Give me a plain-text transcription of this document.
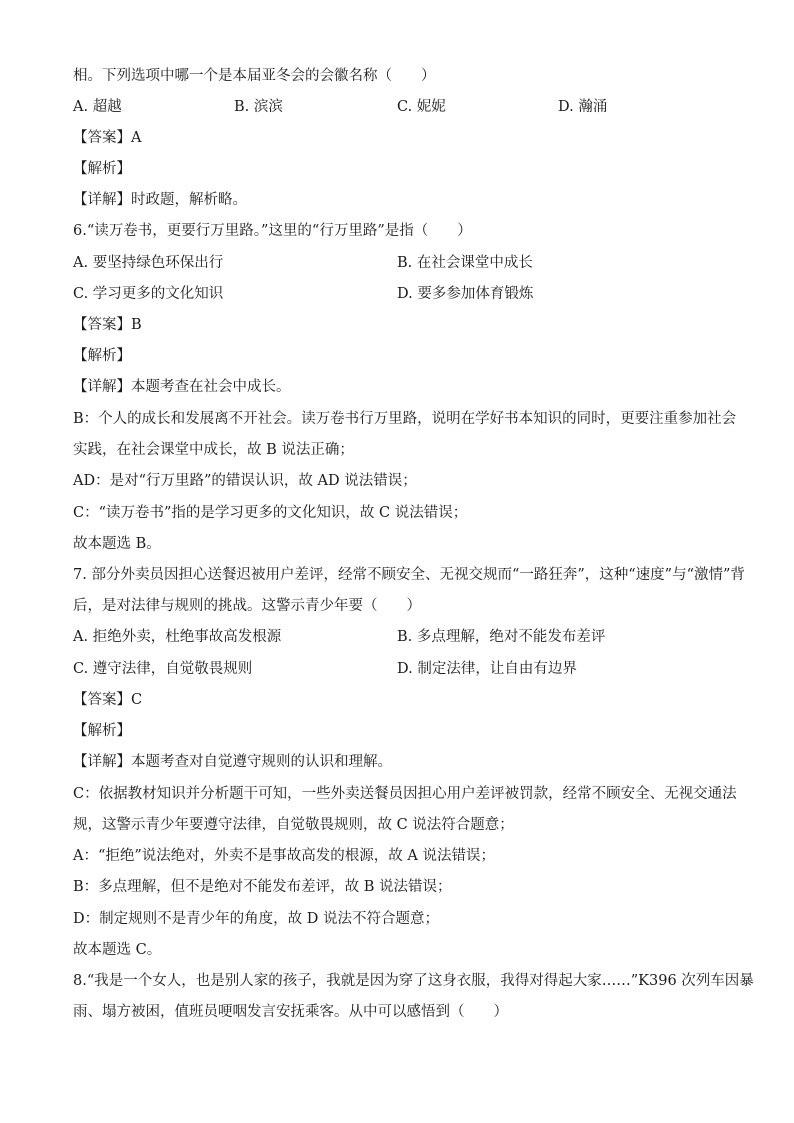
相。下列选项中哪一个是本届亚冬会的会徽名称（　　）
A. 超越	B. 滨滨	C. 妮妮	D. 瀚涌
【答案】A
【解析】
【详解】时政题，解析略。
6.“读万卷书，更要行万里路。”这里的“行万里路”是指（　　）
A. 要坚持绿色环保出行	B. 在社会课堂中成长
C. 学习更多的文化知识	D. 要多参加体育锻炼
【答案】B
【解析】
【详解】本题考查在社会中成长。
B：个人的成长和发展离不开社会。读万卷书行万里路，说明在学好书本知识的同时，更要注重参加社会
实践，在社会课堂中成长，故 B 说法正确；
AD：是对“行万里路”的错误认识，故 AD 说法错误；
C：“读万卷书”指的是学习更多的文化知识，故 C 说法错误；
故本题选 B。
7. 部分外卖员因担心送餐迟被用户差评，经常不顾安全、无视交规而“一路狂奔”，这种“速度”与“激情”背
后，是对法律与规则的挑战。这警示青少年要（　　）
A. 拒绝外卖，杜绝事故高发根源	B. 多点理解，绝对不能发布差评
C. 遵守法律，自觉敬畏规则	D. 制定法律，让自由有边界
【答案】C
【解析】
【详解】本题考查对自觉遵守规则的认识和理解。
C：依据教材知识并分析题干可知，一些外卖送餐员因担心用户差评被罚款，经常不顾安全、无视交通法
规，这警示青少年要遵守法律，自觉敬畏规则，故 C 说法符合题意；
A：“拒绝”说法绝对，外卖不是事故高发的根源，故 A 说法错误；
B：多点理解，但不是绝对不能发布差评，故 B 说法错误；
D：制定规则不是青少年的角度，故 D 说法不符合题意；
故本题选 C。
8.“我是一个女人，也是别人家的孩子，我就是因为穿了这身衣服，我得对得起大家……”K396 次列车因暴
雨、塌方被困，值班员哽咽发言安抚乘客。从中可以感悟到（　　）
